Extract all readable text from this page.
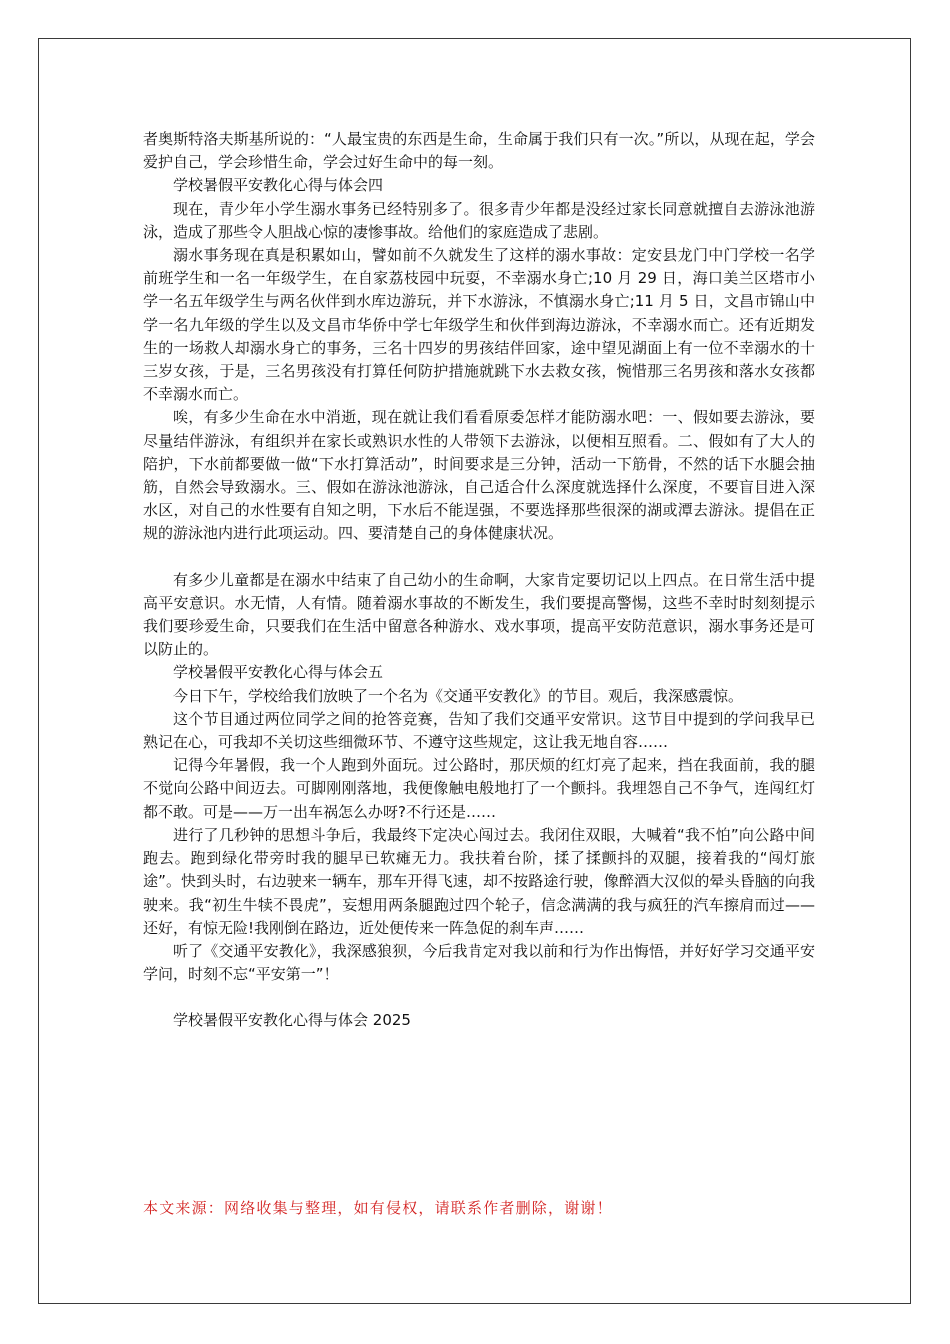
者奥斯特洛夫斯基所说的：“人最宝贵的东西是生命，生命属于我们只有一次。”所以，从现在起，学会爱护自己，学会珍惜生命，学会过好生命中的每一刻。

学校暑假平安教化心得与体会四

现在，青少年小学生溺水事务已经特别多了。很多青少年都是没经过家长同意就擅自去游泳池游泳，造成了那些令人胆战心惊的凄惨事故。给他们的家庭造成了悲剧。

溺水事务现在真是积累如山，譬如前不久就发生了这样的溺水事故：定安县龙门中门学校一名学前班学生和一名一年级学生，在自家荔枝园中玩耍，不幸溺水身亡;10 月 29 日，海口美兰区塔市小学一名五年级学生与两名伙伴到水库边游玩，并下水游泳，不慎溺水身亡;11 月 5 日，文昌市锦山中学一名九年级的学生以及文昌市华侨中学七年级学生和伙伴到海边游泳，不幸溺水而亡。还有近期发生的一场救人却溺水身亡的事务，三名十四岁的男孩结伴回家，途中望见湖面上有一位不幸溺水的十三岁女孩，于是，三名男孩没有打算任何防护措施就跳下水去救女孩，惋惜那三名男孩和落水女孩都不幸溺水而亡。

唉，有多少生命在水中消逝，现在就让我们看看原委怎样才能防溺水吧：一、假如要去游泳，要尽量结伴游泳，有组织并在家长或熟识水性的人带领下去游泳，以便相互照看。二、假如有了大人的陪护，下水前都要做一做“下水打算活动”，时间要求是三分钟，活动一下筋骨，不然的话下水腿会抽筋，自然会导致溺水。三、假如在游泳池游泳，自己适合什么深度就选择什么深度，不要盲目进入深水区，对自己的水性要有自知之明，下水后不能逞强，不要选择那些很深的湖或潭去游泳。提倡在正规的游泳池内进行此项运动。四、要清楚自己的身体健康状况。

有多少儿童都是在溺水中结束了自己幼小的生命啊，大家肯定要切记以上四点。在日常生活中提高平安意识。水无情，人有情。随着溺水事故的不断发生，我们要提高警惕，这些不幸时时刻刻提示我们要珍爱生命，只要我们在生活中留意各种游水、戏水事项，提高平安防范意识，溺水事务还是可以防止的。

学校暑假平安教化心得与体会五

今日下午，学校给我们放映了一个名为《交通平安教化》的节目。观后，我深感震惊。

这个节目通过两位同学之间的抢答竞赛，告知了我们交通平安常识。这节目中提到的学问我早已熟记在心，可我却不关切这些细微环节、不遵守这些规定，这让我无地自容……

记得今年暑假，我一个人跑到外面玩。过公路时，那厌烦的红灯亮了起来，挡在我面前，我的腿不觉向公路中间迈去。可脚刚刚落地，我便像触电般地打了一个颤抖。我埋怨自己不争气，连闯红灯都不敢。可是——万一出车祸怎么办呀?不行还是……

进行了几秒钟的思想斗争后，我最终下定决心闯过去。我闭住双眼，大喊着“我不怕”向公路中间跑去。跑到绿化带旁时我的腿早已软瘫无力。我扶着台阶，揉了揉颤抖的双腿，接着我的“闯灯旅途”。快到头时，右边驶来一辆车，那车开得飞速，却不按路途行驶，像醉酒大汉似的晕头昏脑的向我驶来。我“初生牛犊不畏虎”，妄想用两条腿跑过四个轮子，信念满满的我与疯狂的汽车擦肩而过——还好，有惊无险!我刚倒在路边，近处便传来一阵急促的刹车声……

听了《交通平安教化》，我深感狼狈，今后我肯定对我以前和行为作出悔悟，并好好学习交通平安学问，时刻不忘“平安第一”！

学校暑假平安教化心得与体会 2025

本文来源：网络收集与整理，如有侵权，请联系作者删除，谢谢！
